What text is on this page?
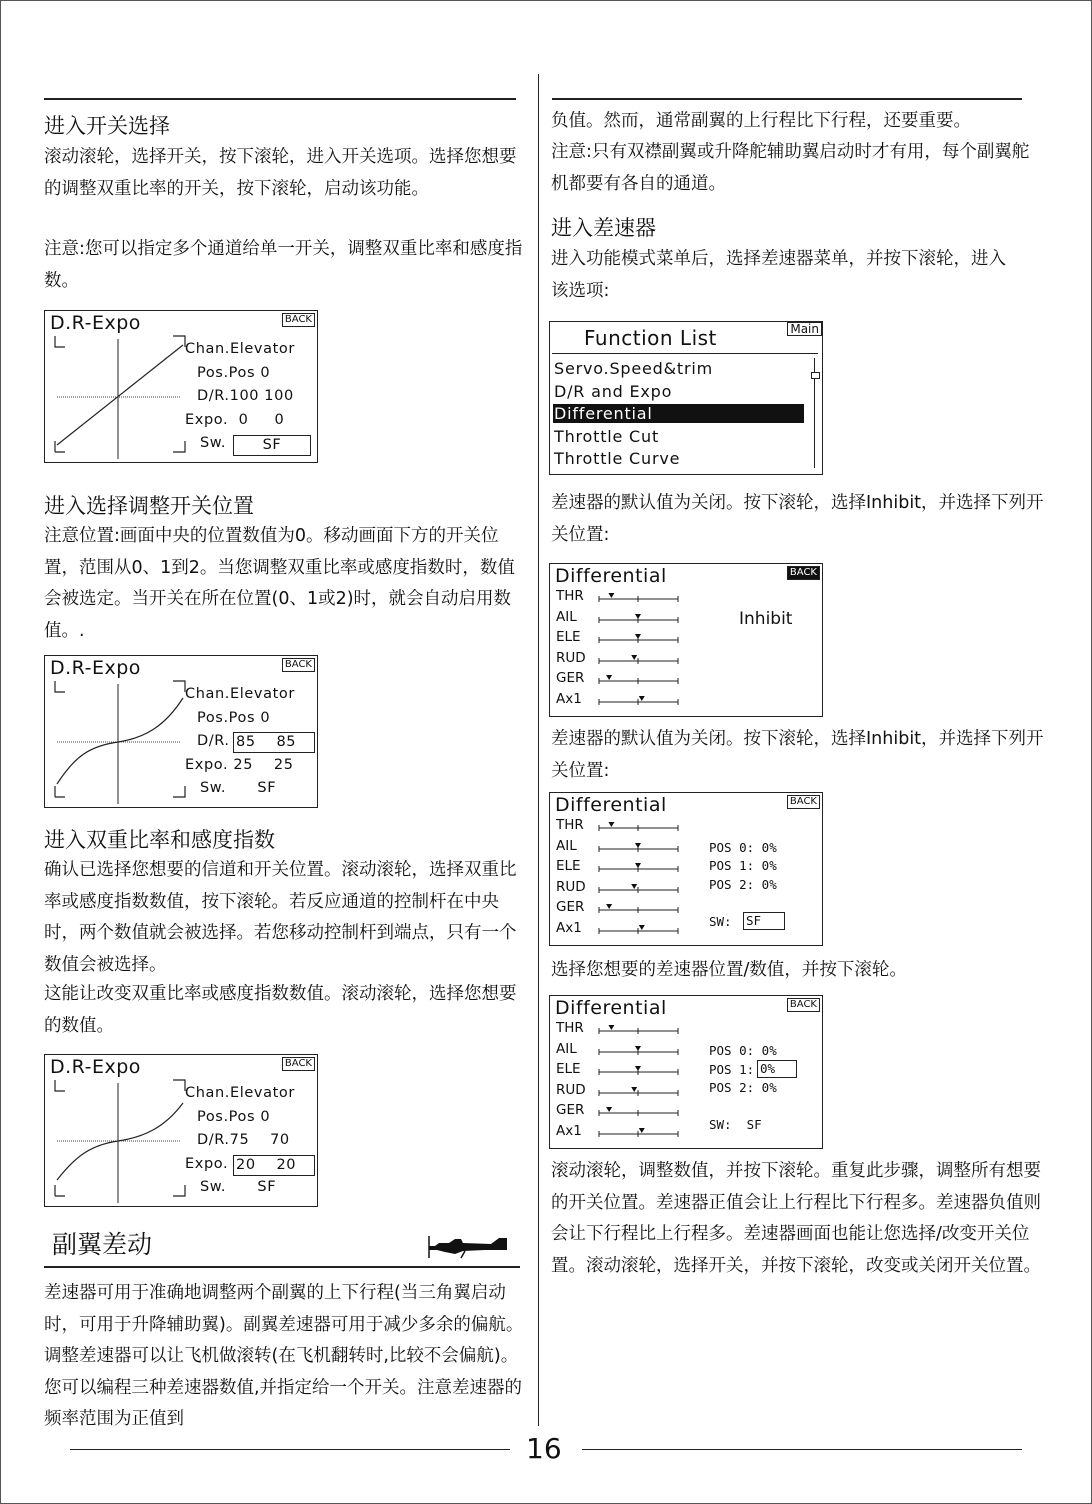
进入开关选择

滚动滚轮，选择开关，按下滚轮，进入开关选项。选择您想要的调整双重比率的开关，按下滚轮，启动该功能。

注意:您可以指定多个通道给单一开关，调整双重比率和感度指数。

D.R-Expo	BACK
Chan.Elevator
Pos.Pos 0
D/R.100 100
Expo.  0     0
Sw.	SF
进入选择调整开关位置

注意位置:画面中央的位置数值为0。移动画面下方的开关位置，范围从0、1到2。当您调整双重比率或感度指数时，数值会被选定。当开关在所在位置(0、1或2)时，就会自动启用数值。.

D.R-Expo	BACK
Chan.Elevator
Pos.Pos 0
D/R. 85    85
Expo. 25    25
Sw.      SF
进入双重比率和感度指数

确认已选择您想要的信道和开关位置。滚动滚轮，选择双重比率或感度指数数值，按下滚轮。若反应通道的控制杆在中央时，两个数值就会被选择。若您移动控制杆到端点，只有一个数值会被选择。

这能让改变双重比率或感度指数数值。滚动滚轮，选择您想要的数值。

D.R-Expo	BACK
Chan.Elevator
Pos.Pos 0
D/R.75    70
Expo. 20    20
Sw.      SF
副翼差动

差速器可用于准确地调整两个副翼的上下行程(当三角翼启动时，可用于升降辅助翼)。副翼差速器可用于减少多余的偏航。调整差速器可以让飞机做滚转(在飞机翻转时,比较不会偏航)。您可以编程三种差速器数值,并指定给一个开关。注意差速器的频率范围为正值到

负值。然而，通常副翼的上行程比下行程，还要重要。

注意:只有双襟副翼或升降舵辅助翼启动时才有用，每个副翼舵机都要有各自的通道。

进入差速器

进入功能模式菜单后，选择差速器菜单，并按下滚轮，进入该选项:

Function List	Main
Servo.Speed&trim
D/R and Expo
Differential
Throttle Cut
Throttle Curve

差速器的默认值为关闭。按下滚轮，选择Inhibit，并选择下列开关位置:

Differential	BACK
THR
AIL
ELE
RUD
GER
Ax1
Inhibit

差速器的默认值为关闭。按下滚轮，选择Inhibit，并选择下列开关位置:

Differential	BACK
THR
AIL
ELE
RUD
GER
Ax1
POS 0: 0%
POS 1: 0%
POS 2: 0%
SW: SF

选择您想要的差速器位置/数值，并按下滚轮。

Differential	BACK
THR
AIL
ELE
RUD
GER
Ax1
POS 0: 0%
POS 1: 0%
POS 2: 0%
SW:  SF

滚动滚轮，调整数值，并按下滚轮。重复此步骤，调整所有想要的开关位置。差速器正值会让上行程比下行程多。差速器负值则会让下行程比上行程多。差速器画面也能让您选择/改变开关位置。滚动滚轮，选择开关，并按下滚轮，改变或关闭开关位置。

16
